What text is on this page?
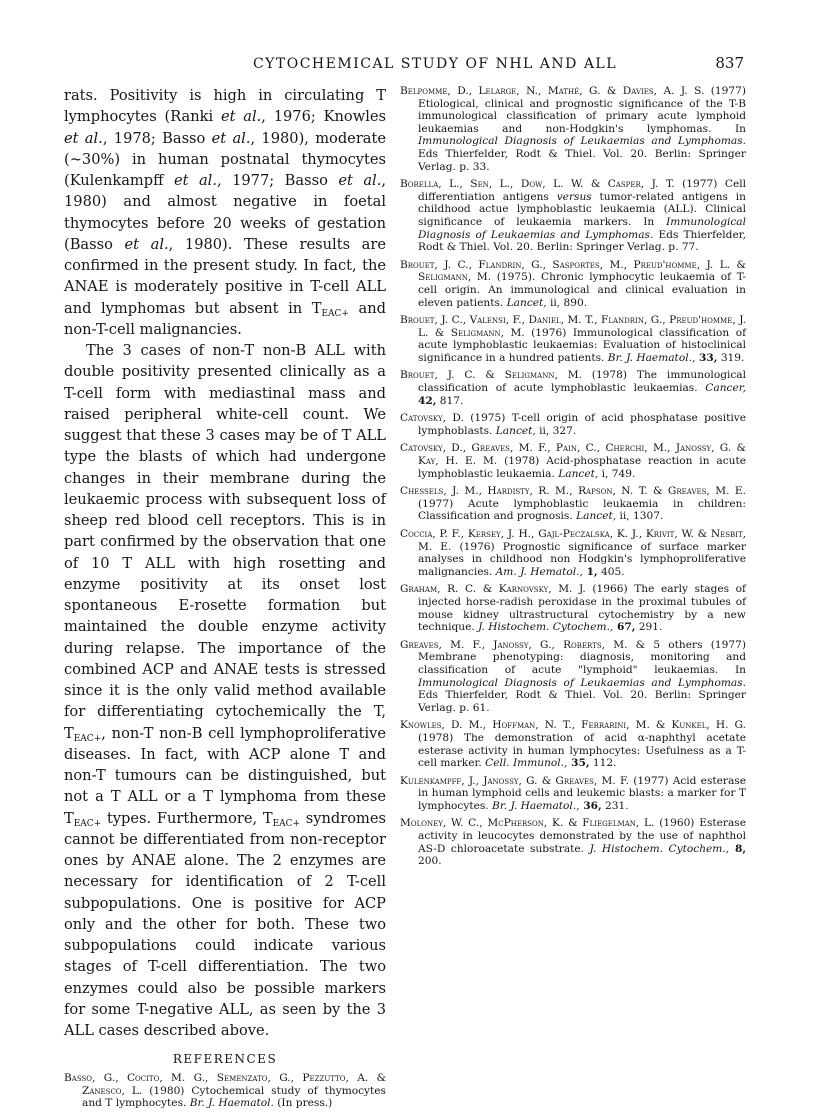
CYTOCHEMICAL STUDY OF NHL AND ALL	837

rats. Positivity is high in circulating T lymphocytes (Ranki et al., 1976; Knowles et al., 1978; Basso et al., 1980), moderate (~30%) in human postnatal thymocytes (Kulenkampff et al., 1977; Basso et al., 1980) and almost negative in foetal thymocytes before 20 weeks of gestation (Basso et al., 1980). These results are confirmed in the present study. In fact, the ANAE is moderately positive in T-cell ALL and lymphomas but absent in $T_{EAC+}$ and non-T-cell malignancies.

The 3 cases of non-T non-B ALL with double positivity presented clinically as a T-cell form with mediastinal mass and raised peripheral white-cell count. We suggest that these 3 cases may be of T ALL type the blasts of which had undergone changes in their membrane during the leukaemic process with subsequent loss of sheep red blood cell receptors. This is in part confirmed by the observation that one of 10 T ALL with high rosetting and enzyme positivity at its onset lost spontaneous E-rosette formation but maintained the double enzyme activity during relapse. The importance of the combined ACP and ANAE tests is stressed since it is the only valid method available for differentiating cytochemically the T, $T_{EAC+}$, non-T non-B cell lymphoproliferative diseases. In fact, with ACP alone T and non-T tumours can be distinguished, but not a T ALL or a T lymphoma from these $T_{EAC+}$ types. Furthermore, $T_{EAC+}$ syndromes cannot be differentiated from non-receptor ones by ANAE alone. The 2 enzymes are necessary for identification of 2 T-cell subpopulations. One is positive for ACP only and the other for both. These two subpopulations could indicate various stages of T-cell differentiation. The two enzymes could also be possible markers for some T-negative ALL, as seen by the 3 ALL cases described above.

REFERENCES

Basso, G., Cocito, M. G., Semenzato, G., Pezzutto, A. & Zanesco, L. (1980) Cytochemical study of thymocytes and T lymphocytes. Br. J. Haematol. (In press.)

Belpomme, D., Lelarge, N., Mathé, G. & Davies, A. J. S. (1977) Etiological, clinical and prognostic significance of the T-B immunological classification of primary acute lymphoid leukaemias and non-Hodgkin's lymphomas. In Immunological Diagnosis of Leukaemias and Lymphomas. Eds Thierfelder, Rodt & Thiel. Vol. 20. Berlin: Springer Verlag. p. 33.

Borella, L., Sen, L., Dow, L. W. & Casper, J. T. (1977) Cell differentiation antigens versus tumor-related antigens in childhood actue lymphoblastic leukaemia (ALL). Clinical significance of leukaemia markers. In Immunological Diagnosis of Leukaemias and Lymphomas. Eds Thierfelder, Rodt & Thiel. Vol. 20. Berlin: Springer Verlag. p. 77.

Brouet, J. C., Flandrin, G., Sasportes, M., Preud'homme, J. L. & Seligmann, M. (1975). Chronic lymphocytic leukaemia of T-cell origin. An immunological and clinical evaluation in eleven patients. Lancet, ii, 890.

Brouet, J. C., Valensi, F., Daniel, M. T., Flandrin, G., Preud'homme, J. L. & Seligmann, M. (1976) Immunological classification of acute lymphoblastic leukaemias: Evaluation of histoclinical significance in a hundred patients. Br. J. Haematol., 33, 319.

Brouet, J. C. & Seligmann, M. (1978) The immunological classification of acute lymphoblastic leukaemias. Cancer, 42, 817.

Catovsky, D. (1975) T-cell origin of acid phosphatase positive lymphoblasts. Lancet, ii, 327.

Catovsky, D., Greaves, M. F., Pain, C., Cherchi, M., Janossy, G. & Kay, H. E. M. (1978) Acid-phosphatase reaction in acute lymphoblastic leukaemia. Lancet, i, 749.

Chessels, J. M., Hardisty, R. M., Rapson, N. T. & Greaves, M. E. (1977) Acute lymphoblastic leukaemia in children: Classification and prognosis. Lancet, ii, 1307.

Coccia, P. F., Kersey, J. H., Gajl-Peczalska, K. J., Krivit, W. & Nesbit, M. E. (1976) Prognostic significance of surface marker analyses in childhood non Hodgkin's lymphoproliferative malignancies. Am. J. Hematol., 1, 405.

Graham, R. C. & Karnovsky, M. J. (1966) The early stages of injected horse-radish peroxidase in the proximal tubules of mouse kidney ultrastructural cytochemistry by a new technique. J. Histochem. Cytochem., 67, 291.

Greaves, M. F., Janossy, G., Roberts, M. & 5 others (1977) Membrane phenotyping: diagnosis, monitoring and classification of acute "lymphoid" leukaemias. In Immunological Diagnosis of Leukaemias and Lymphomas. Eds Thierfelder, Rodt & Thiel. Vol. 20. Berlin: Springer Verlag. p. 61.

Knowles, D. M., Hoffman, N. T., Ferrarini, M. & Kunkel, H. G. (1978) The demonstration of acid α-naphthyl acetate esterase activity in human lymphocytes: Usefulness as a T-cell marker. Cell. Immunol., 35, 112.

Kulenkampff, J., Janossy, G. & Greaves, M. F. (1977) Acid esterase in human lymphoid cells and leukemic blasts: a marker for T lymphocytes. Br. J. Haematol., 36, 231.

Moloney, W. C., McPherson, K. & Fliegelman, L. (1960) Esterase activity in leucocytes demonstrated by the use of naphthol AS-D chloroacetate substrate. J. Histochem. Cytochem., 8, 200.
